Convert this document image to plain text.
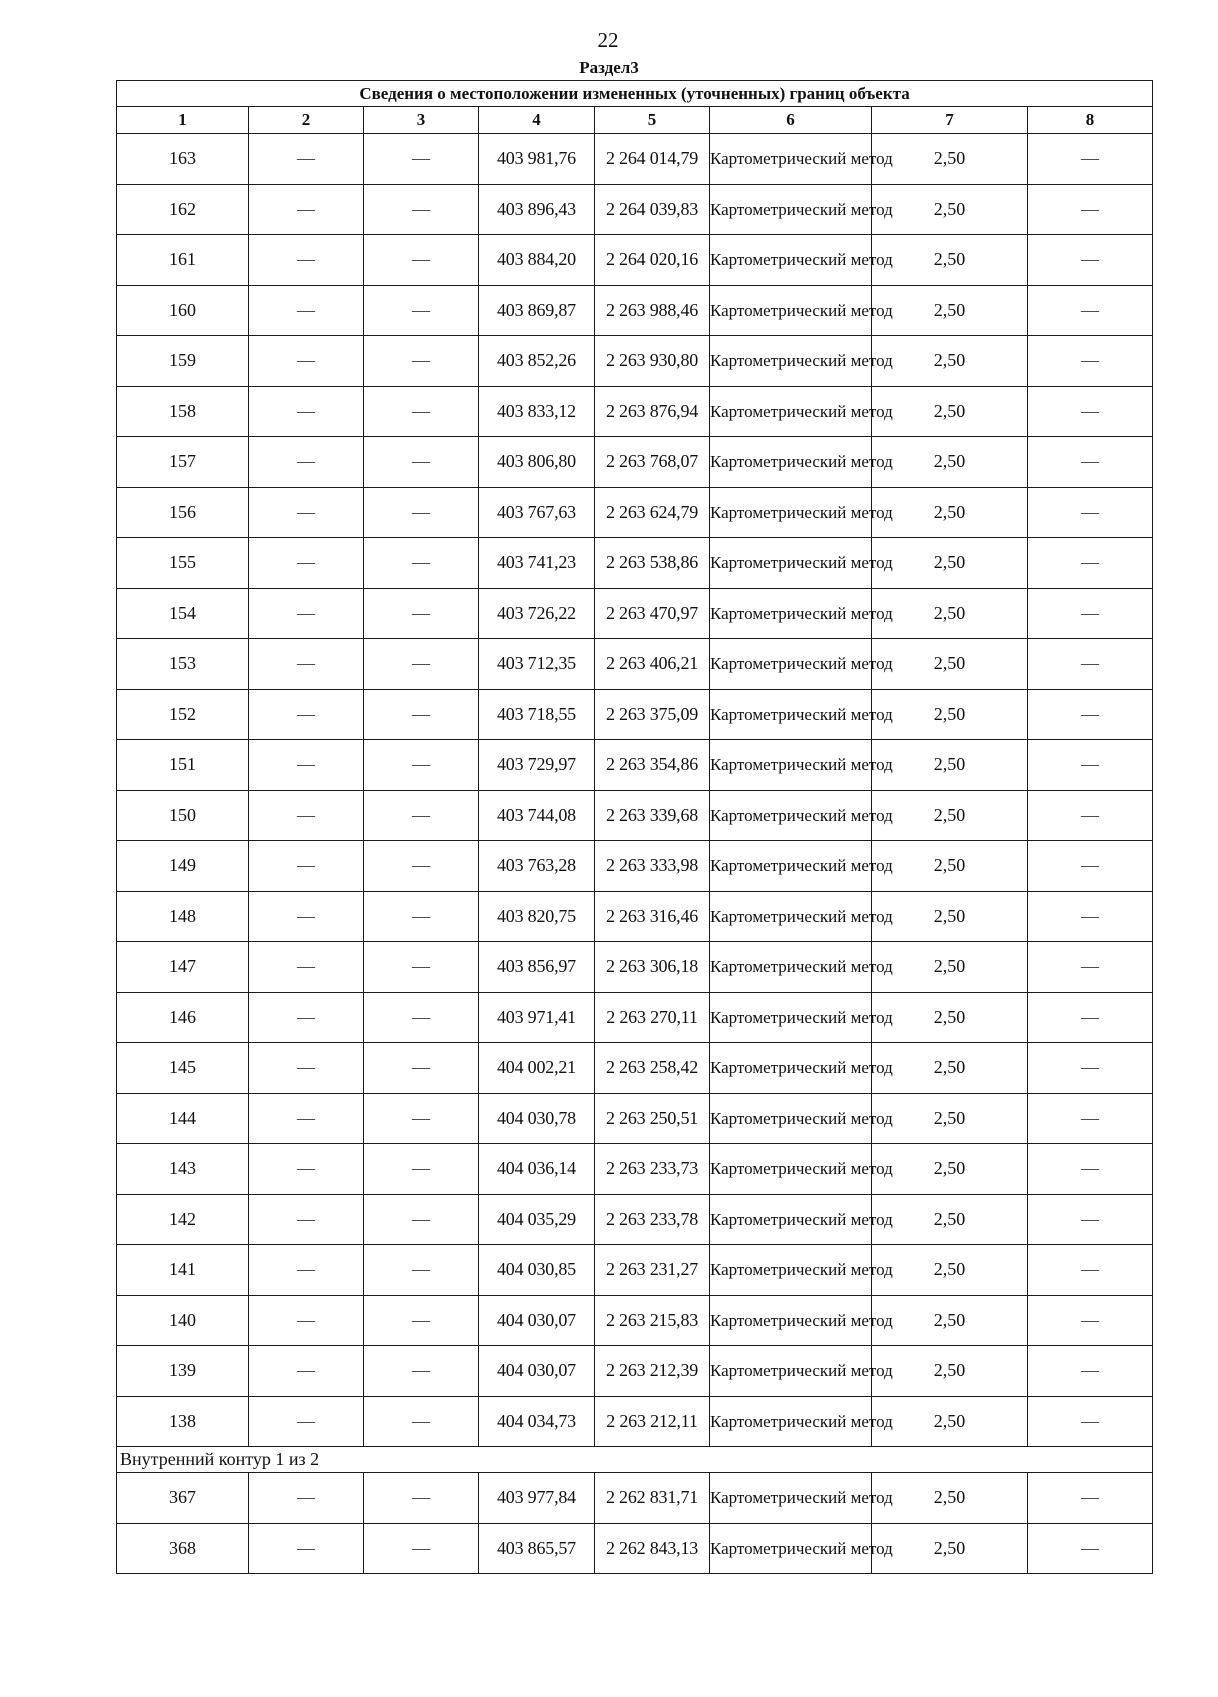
22
Раздел3
Сведения о местоположении измененных (уточненных) границ объекта							
1	2	3	4	5	6	7	8
163	—	—	403 981,76	2 264 014,79	Картометрический метод	2,50	—
162	—	—	403 896,43	2 264 039,83	Картометрический метод	2,50	—
161	—	—	403 884,20	2 264 020,16	Картометрический метод	2,50	—
160	—	—	403 869,87	2 263 988,46	Картометрический метод	2,50	—
159	—	—	403 852,26	2 263 930,80	Картометрический метод	2,50	—
158	—	—	403 833,12	2 263 876,94	Картометрический метод	2,50	—
157	—	—	403 806,80	2 263 768,07	Картометрический метод	2,50	—
156	—	—	403 767,63	2 263 624,79	Картометрический метод	2,50	—
155	—	—	403 741,23	2 263 538,86	Картометрический метод	2,50	—
154	—	—	403 726,22	2 263 470,97	Картометрический метод	2,50	—
153	—	—	403 712,35	2 263 406,21	Картометрический метод	2,50	—
152	—	—	403 718,55	2 263 375,09	Картометрический метод	2,50	—
151	—	—	403 729,97	2 263 354,86	Картометрический метод	2,50	—
150	—	—	403 744,08	2 263 339,68	Картометрический метод	2,50	—
149	—	—	403 763,28	2 263 333,98	Картометрический метод	2,50	—
148	—	—	403 820,75	2 263 316,46	Картометрический метод	2,50	—
147	—	—	403 856,97	2 263 306,18	Картометрический метод	2,50	—
146	—	—	403 971,41	2 263 270,11	Картометрический метод	2,50	—
145	—	—	404 002,21	2 263 258,42	Картометрический метод	2,50	—
144	—	—	404 030,78	2 263 250,51	Картометрический метод	2,50	—
143	—	—	404 036,14	2 263 233,73	Картометрический метод	2,50	—
142	—	—	404 035,29	2 263 233,78	Картометрический метод	2,50	—
141	—	—	404 030,85	2 263 231,27	Картометрический метод	2,50	—
140	—	—	404 030,07	2 263 215,83	Картометрический метод	2,50	—
139	—	—	404 030,07	2 263 212,39	Картометрический метод	2,50	—
138	—	—	404 034,73	2 263 212,11	Картометрический метод	2,50	—
Внутренний контур 1 из 2							
367	—	—	403 977,84	2 262 831,71	Картометрический метод	2,50	—
368	—	—	403 865,57	2 262 843,13	Картометрический метод	2,50	—
